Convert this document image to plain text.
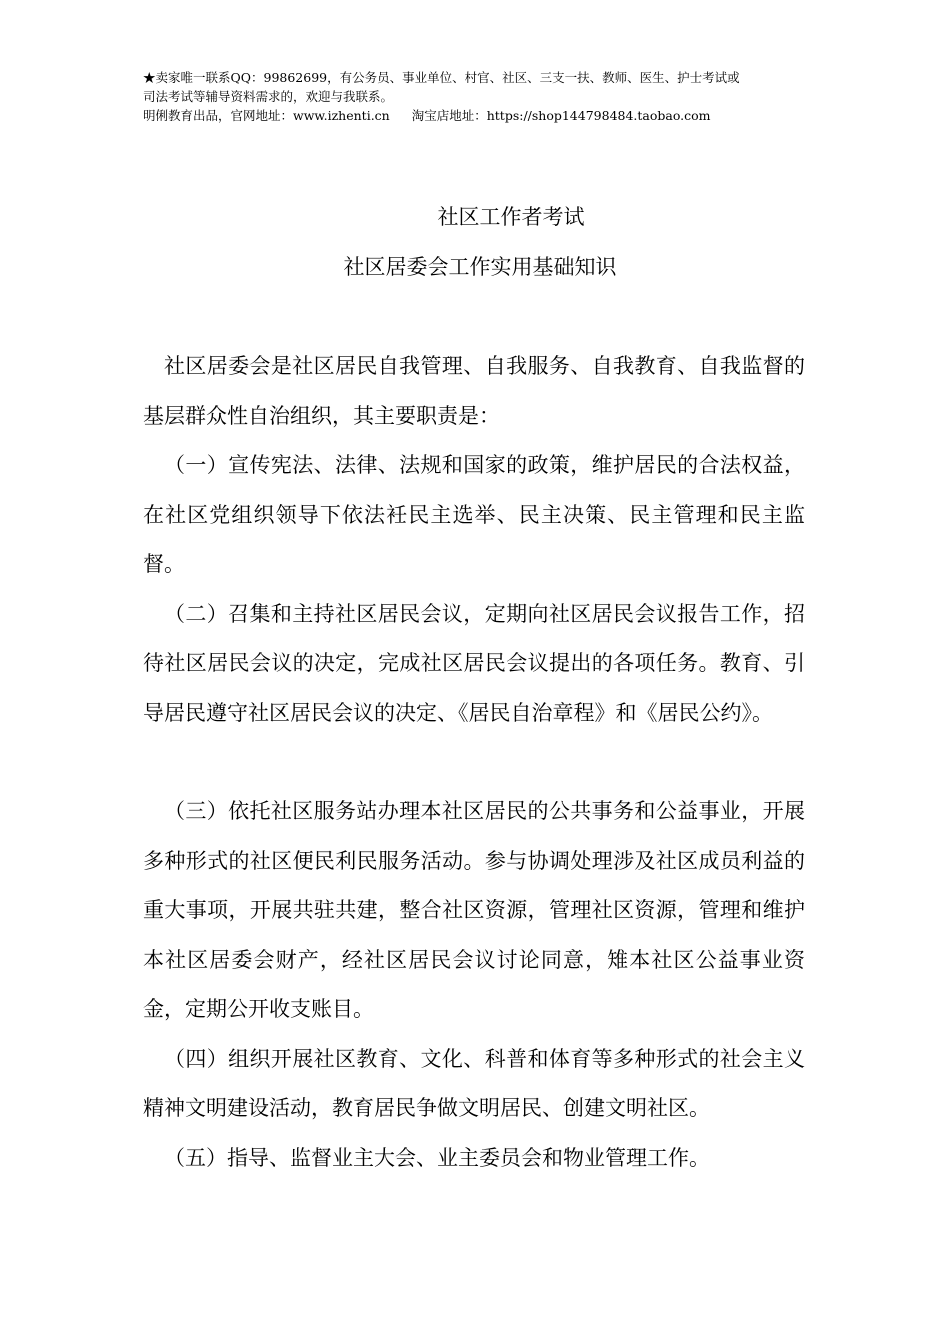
★卖家唯一联系QQ：99862699，有公务员、事业单位、村官、社区、三支一扶、教师、医生、护士考试或
司法考试等辅导资料需求的，欢迎与我联系。
明俐教育出品，官网地址：www.izhenti.cn 淘宝店地址：https://shop144798484.taobao.com
社区工作者考试
社区居委会工作实用基础知识

社区居委会是社区居民自我管理、自我服务、自我教育、自我监督的基层群众性自治组织，其主要职责是：

（一）宣传宪法、法律、法规和国家的政策，维护居民的合法权益，在社区党组织领导下依法衽民主选举、民主决策、民主管理和民主监督。

（二）召集和主持社区居民会议，定期向社区居民会议报告工作，招待社区居民会议的决定，完成社区居民会议提出的各项任务。教育、引导居民遵守社区居民会议的决定、《居民自治章程》和《居民公约》。

（三）依托社区服务站办理本社区居民的公共事务和公益事业，开展多种形式的社区便民利民服务活动。参与协调处理涉及社区成员利益的重大事项，开展共驻共建，整合社区资源，管理社区资源，管理和维护本社区居委会财产，经社区居民会议讨论同意，雉本社区公益事业资金，定期公开收支账目。

（四）组织开展社区教育、文化、科普和体育等多种形式的社会主义精神文明建设活动，教育居民争做文明居民、创建文明社区。

（五）指导、监督业主大会、业主委员会和物业管理工作。
